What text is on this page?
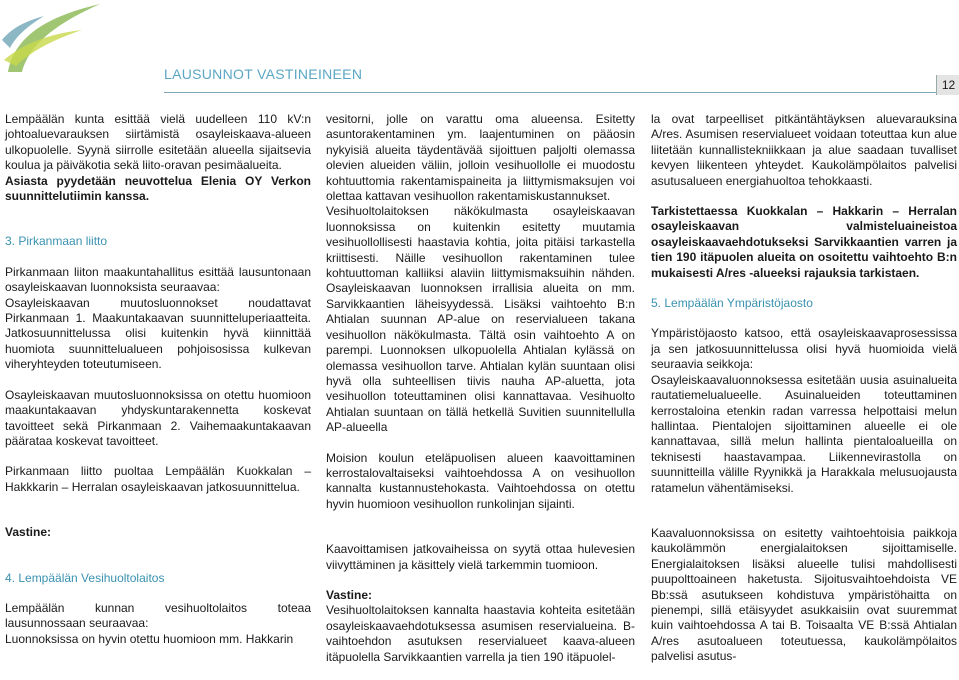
LAUSUNNOT VASTINEINEEN
12

Lempäälän kunta esittää vielä uudelleen 110 kV:n johtoaluevarauksen siirtämistä osayleiskaava-alueen ulkopuolelle. Syynä siirrolle esitetään alueella sijaitsevia koulua ja päiväkotia sekä liito-oravan pesimäalueita.
Asiasta pyydetään neuvottelua Elenia OY Verkon suunnittelutiimin kanssa.

3. Pirkanmaan liitto

Pirkanmaan liiton maakuntahallitus esittää lausuntonaan osayleiskaavan luonnoksista seuraavaa:

Osayleiskaavan muutosluonnokset noudattavat Pirkanmaan 1. Maakuntakaavan suunnitteluperiaatteita. Jatkosuunnittelussa olisi kuitenkin hyvä kiinnittää huomiota suunnittelualueen pohjoisosissa kulkevan viheryhteyden toteutumiseen.

Osayleiskaavan muutosluonnoksissa on otettu huomioon maakuntakaavan yhdyskuntarakennetta koskevat tavoitteet sekä Pirkanmaan 2. Vaihemaakuntakaavan päärataa koskevat tavoitteet.

Pirkanmaan liitto puoltaa Lempäälän Kuokkalan – Hakkkarin – Herralan osayleiskaavan jatkosuunnittelua.

Vastine:

4. Lempäälän Vesihuoltolaitos

Lempäälän kunnan vesihuoltolaitos toteaa lausunnossaan seuraavaa:

Luonnoksissa on hyvin otettu huomioon mm. Hakkarin

vesitorni, jolle on varattu oma alueensa. Esitetty asuntorakentaminen ym. laajentuminen on pääosin nykyisiä alueita täydentävää sijoittuen paljolti olemassa olevien alueiden väliin, jolloin vesihuollolle ei muodostu kohtuuttomia rakentamispaineita ja liittymismaksujen voi olettaa kattavan vesihuollon rakentamiskustannukset.

Vesihuoltolaitoksen näkökulmasta osayleiskaavan luonnoksissa on kuitenkin esitetty muutamia vesihuollollisesti haastavia kohtia, joita pitäisi tarkastella kriittisesti. Näille vesihuollon rakentaminen tulee kohtuuttoman kalliiksi alaviin liittymismaksuihin nähden. Osayleiskaavan luonnoksen irrallisia alueita on mm. Sarvikkaantien läheisyydessä. Lisäksi vaihtoehto B:n Ahtialan suunnan AP-alue on reservialueen takana vesihuollon näkökulmasta. Tältä osin vaihtoehto A on parempi. Luonnoksen ulkopuolella Ahtialan kylässä on olemassa vesihuollon tarve. Ahtialan kylän suuntaan olisi hyvä olla suhteellisen tiivis nauha AP-aluetta, jota vesihuollon toteuttaminen olisi kannattavaa. Vesihuolto Ahtialan suuntaan on tällä hetkellä Suvitien suunnitellulla AP-alueella

Moision koulun eteläpuolisen alueen kaavoittaminen kerrostalovaltaiseksi vaihtoehdossa A on vesihuollon kannalta kustannustehokasta. Vaihtoehdossa on otettu hyvin huomioon vesihuollon runkolinjan sijainti.

Kaavoittamisen jatkovaiheissa on syytä ottaa hulevesien viivyttäminen ja käsittely vielä tarkemmin tuomioon.

Vastine:

Vesihuoltolaitoksen kannalta haastavia kohteita esitetään osayleiskaavaehdotuksessa asumisen reservialueina. B-vaihtoehdon asutuksen reservialueet kaava-alueen itäpuolella Sarvikkaantien varrella ja tien 190 itäpuolel-

la ovat tarpeelliset pitkäntähtäyksen aluevarauksina A/res. Asumisen reservialueet voidaan toteuttaa kun alue liitetään kunnallistekniikkaan ja alue saadaan tuvalliset kevyen liikenteen yhteydet. Kaukolämpölaitos palvelisi asutusalueen energiahuoltoa tehokkaasti.

Tarkistettaessa Kuokkalan – Hakkarin – Herralan osayleiskaavan valmisteluaineistoa osayleiskaavaehdotukseksi Sarvikkaantien varren ja tien 190 itäpuolen alueita on osoitettu vaihtoehto B:n mukaisesti A/res -alueeksi rajauksia tarkistaen.

5. Lempäälän Ympäristöjaosto

Ympäristöjaosto katsoo, että osayleiskaavaprosessissa ja sen jatkosuunnittelussa olisi hyvä huomioida vielä seuraavia seikkoja:

Osayleiskaavaluonnoksessa esitetään uusia asuinalueita rautatiemelualueelle. Asuinalueiden toteuttaminen kerrostaloina etenkin radan varressa helpottaisi melun hallintaa. Pientalojen sijoittaminen alueelle ei ole kannattavaa, sillä melun hallinta pientaloalueilla on teknisesti haastavampaa. Liikennevirastolla on suunnitteilla välille Ryynikkä ja Harakkala melusuojausta ratamelun vähentämiseksi.

Kaavaluonnoksissa on esitetty vaihtoehtoisia paikkoja kaukolämmön energialaitoksen sijoittamiselle. Energialaitoksen lisäksi alueelle tulisi mahdollisesti puupolttoaineen haketusta. Sijoitusvaihtoehdoista VE Bb:ssä asutukseen kohdistuva ympäristöhaitta on pienempi, sillä etäisyydet asukkaisiin ovat suuremmat kuin vaihtoehdossa A tai B. Toisaalta VE B:ssä Ahtialan A/res asutoalueen toteutuessa, kaukolämpölaitos palvelisi asutus-
